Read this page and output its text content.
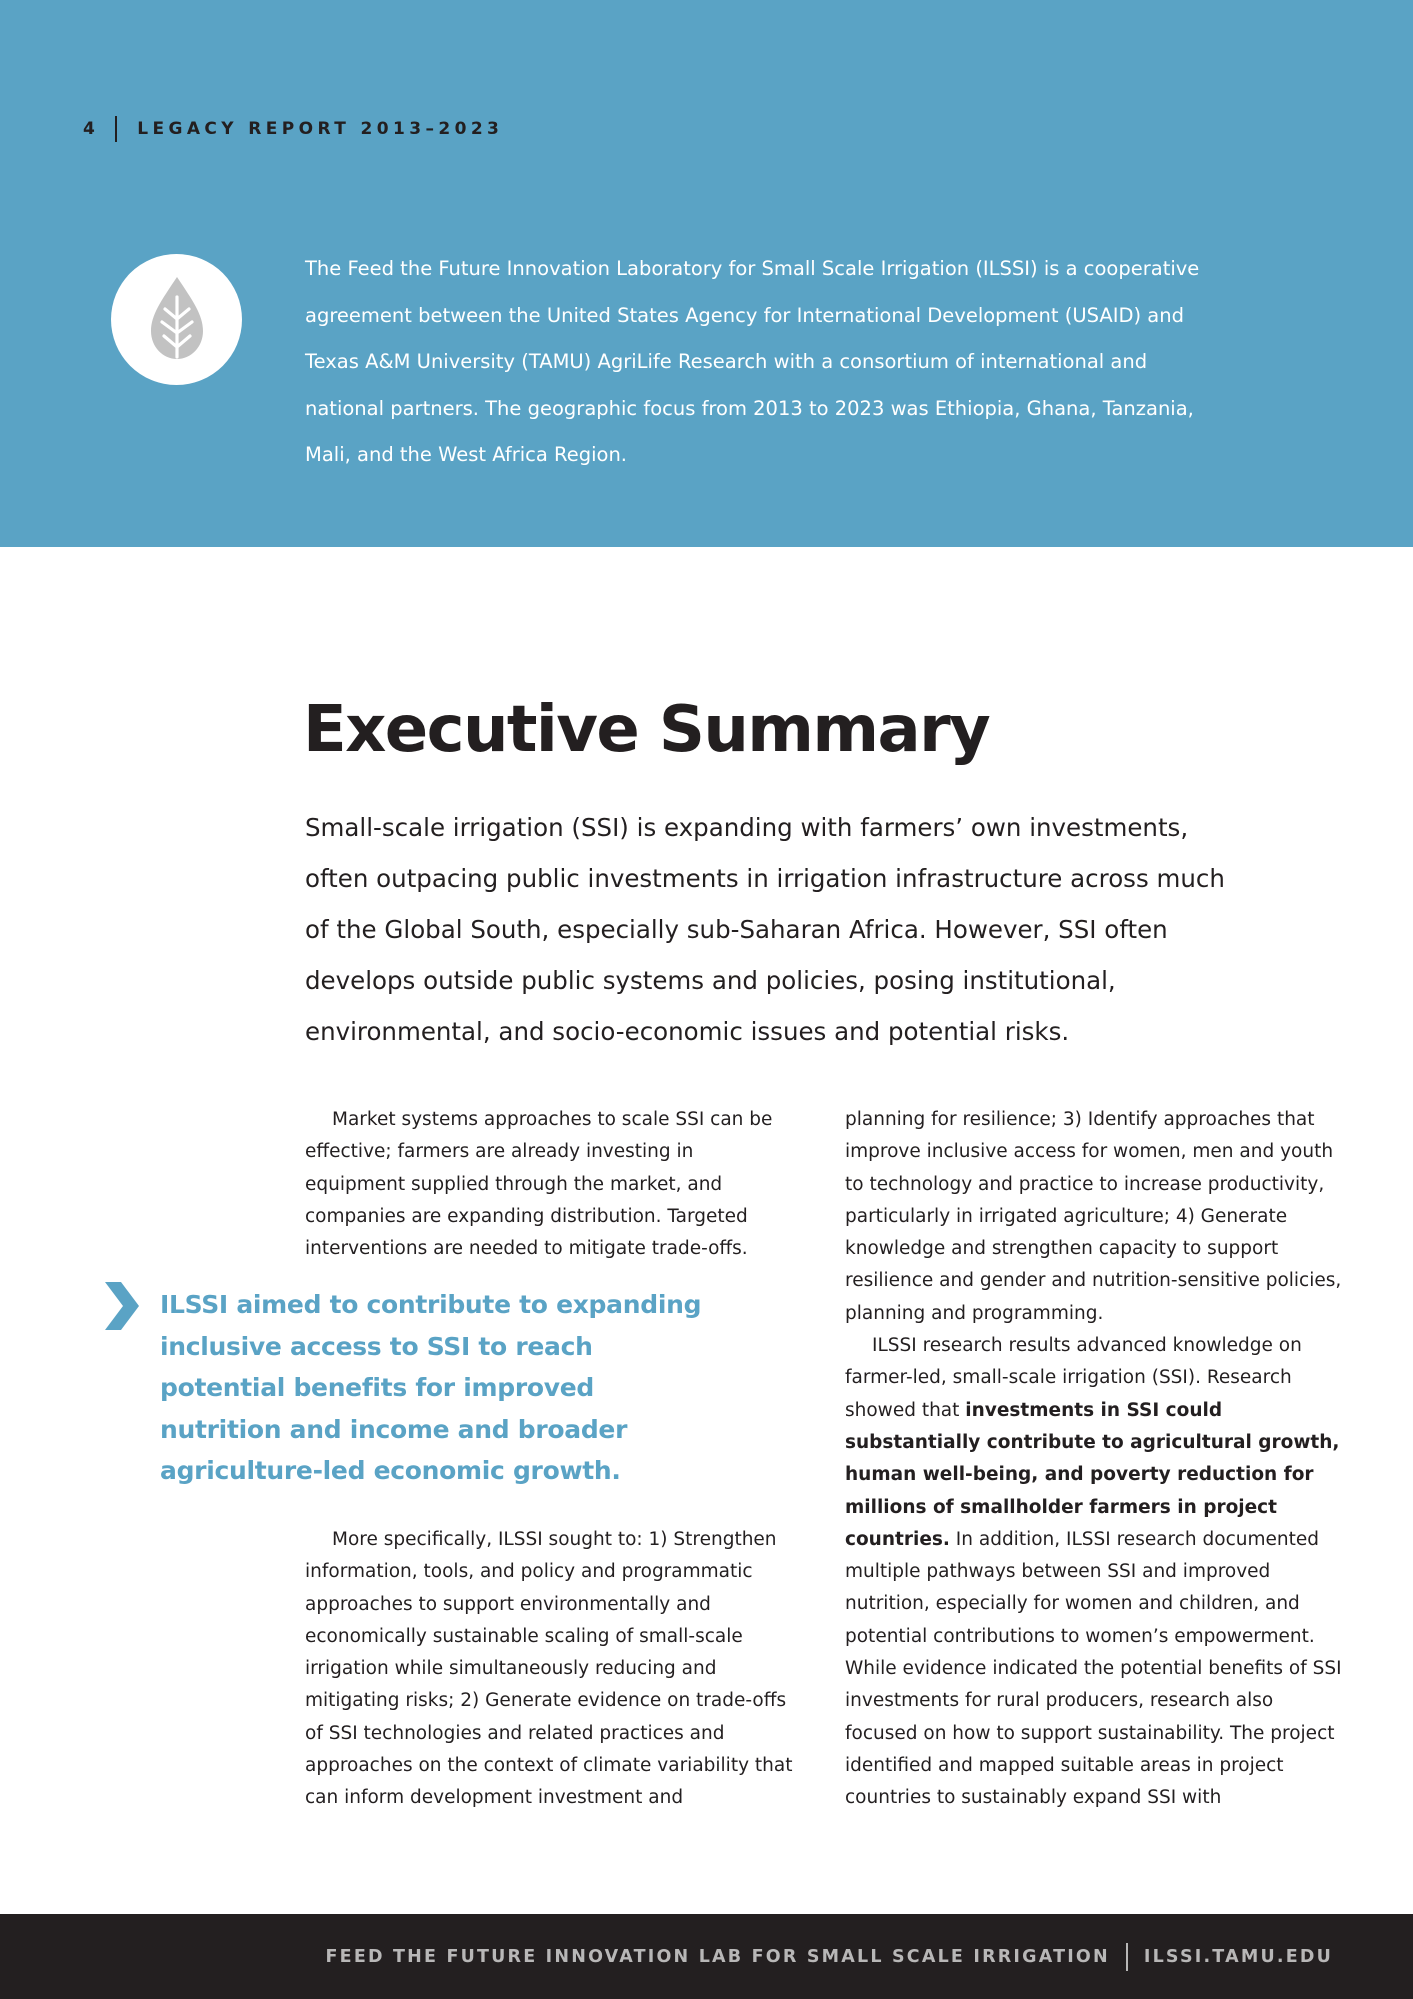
4 LEGACY REPORT 2013–2023

The Feed the Future Innovation Laboratory for Small Scale Irrigation (ILSSI) is a cooperative agreement between the United States Agency for International Development (USAID) and Texas A&M University (TAMU) AgriLife Research with a consortium of international and national partners. The geographic focus from 2013 to 2023 was Ethiopia, Ghana, Tanzania, Mali, and the West Africa Region.

Executive Summary

Small-scale irrigation (SSI) is expanding with farmers’ own investments, often outpacing public investments in irrigation infrastructure across much of the Global South, especially sub-Saharan Africa. However, SSI often develops outside public systems and policies, posing institutional, environmental, and socio-economic issues and potential risks.

Market systems approaches to scale SSI can be effective; farmers are already investing in equipment supplied through the market, and companies are expanding distribution. Targeted interventions are needed to mitigate trade-offs.

ILSSI aimed to contribute to expanding inclusive access to SSI to reach potential benefits for improved nutrition and income and broader agriculture-led economic growth.

More specifically, ILSSI sought to: 1) Strengthen information, tools, and policy and programmatic approaches to support environmentally and economically sustainable scaling of small-scale irrigation while simultaneously reducing and mitigating risks; 2) Generate evidence on trade-offs of SSI technologies and related practices and approaches on the context of climate variability that can inform development investment and

planning for resilience; 3) Identify approaches that improve inclusive access for women, men and youth to technology and practice to increase productivity, particularly in irrigated agriculture; 4) Generate knowledge and strengthen capacity to support resilience and gender and nutrition-sensitive policies, planning and programming.

ILSSI research results advanced knowledge on farmer-led, small-scale irrigation (SSI). Research showed that investments in SSI could substantially contribute to agricultural growth, human well-being, and poverty reduction for millions of smallholder farmers in project countries. In addition, ILSSI research documented multiple pathways between SSI and improved nutrition, especially for women and children, and potential contributions to women’s empowerment. While evidence indicated the potential benefits of SSI investments for rural producers, research also focused on how to support sustainability. The project identified and mapped suitable areas in project countries to sustainably expand SSI with

FEED THE FUTURE INNOVATION LAB FOR SMALL SCALE IRRIGATION ILSSI.TAMU.EDU
